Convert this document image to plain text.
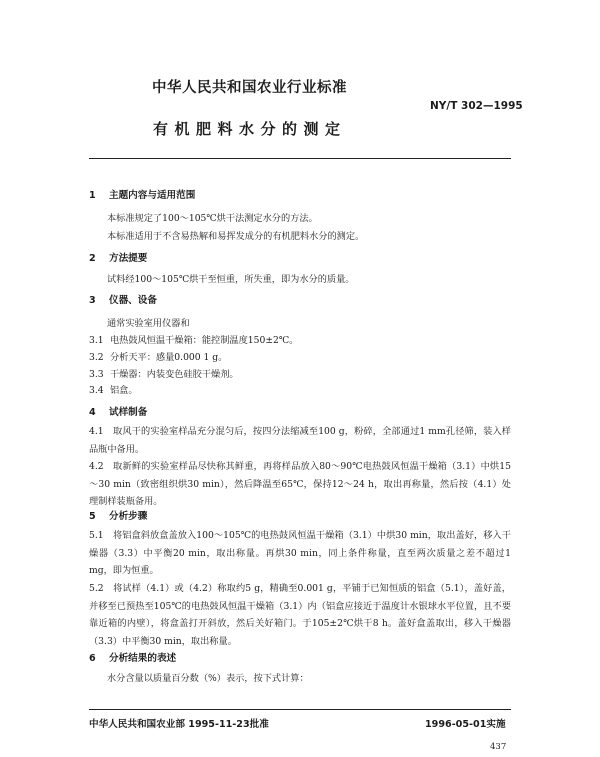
中华人民共和国农业行业标准
NY/T 302—1995
有机肥料水分的测定
1 主题内容与适用范围
本标准规定了100～105℃烘干法测定水分的方法。
本标准适用于不含易热解和易挥发成分的有机肥料水分的测定。
2 方法提要
试料经100～105℃烘干至恒重，所失重，即为水分的质量。
3 仪器、设备
通常实验室用仪器和
3.1 电热鼓风恒温干燥箱：能控制温度150±2℃。
3.2 分析天平：感量0.000 1 g。
3.3 干燥器：内装变色硅胶干燥剂。
3.4 铝盒。
4 试样制备
4.1　取风干的实验室样品充分混匀后，按四分法缩减至100 g，粉碎，全部通过1 mm孔径筛，装入样品瓶中备用。
4.2　取新鲜的实验室样品尽快称其鲜重，再将样品放入80～90℃电热鼓风恒温干燥箱（3.1）中烘15～30 min（致密组织烘30 min），然后降温至65℃，保持12～24 h，取出再称量，然后按（4.1）处理制样装瓶备用。
5 分析步骤
5.1　将铝盒斜放盒盖放入100～105℃的电热鼓风恒温干燥箱（3.1）中烘30 min，取出盖好，移入干燥器（3.3）中平衡20 min，取出称量。再烘30 min，同上条件称量，直至两次质量之差不超过1 mg，即为恒重。
5.2　将试样（4.1）或（4.2）称取约5 g，精确至0.001 g，平铺于已知恒质的铝盒（5.1），盖好盖，并移至已预热至105℃的电热鼓风恒温干燥箱（3.1）内（铝盒应接近于温度计水银球水平位置，且不要靠近箱的内壁），将盒盖打开斜放，然后关好箱门。于105±2℃烘干8 h。盖好盒盖取出，移入干燥器（3.3）中平衡30 min，取出称量。
6 分析结果的表述
水分含量以质量百分数（%）表示，按下式计算：
中华人民共和国农业部 1995-11-23批准	1996-05-01实施
437
